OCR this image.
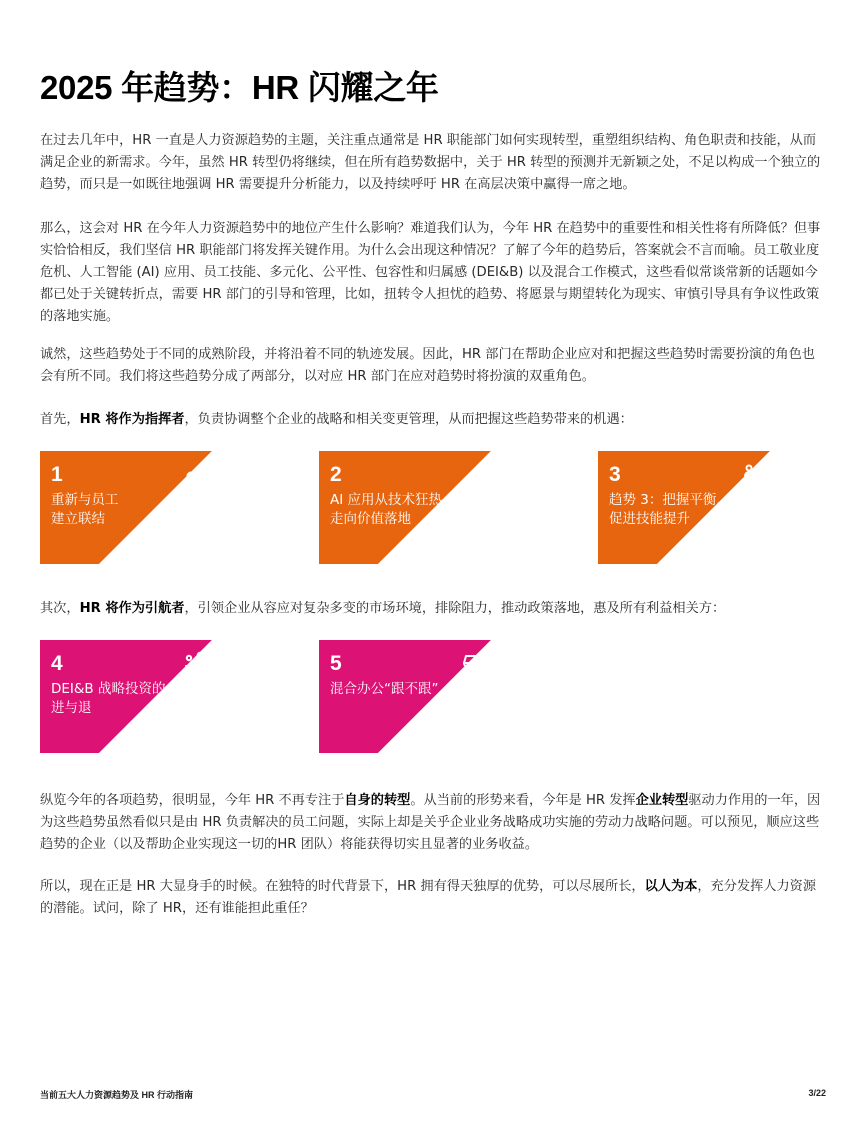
2025 年趋势：HR 闪耀之年

在过去几年中，HR 一直是人力资源趋势的主题，关注重点通常是 HR 职能部门如何实现转型，重塑组织结构、角色职责和技能，从而满足企业的新需求。今年，虽然 HR 转型仍将继续，但在所有趋势数据中，关于 HR 转型的预测并无新颖之处，不足以构成一个独立的趋势，而只是一如既往地强调 HR 需要提升分析能力，以及持续呼吁 HR 在高层决策中赢得一席之地。

那么，这会对 HR 在今年人力资源趋势中的地位产生什么影响？难道我们认为，今年 HR 在趋势中的重要性和相关性将有所降低？但事实恰恰相反，我们坚信 HR 职能部门将发挥关键作用。为什么会出现这种情况？了解了今年的趋势后，答案就会不言而喻。员工敬业度危机、人工智能 (AI) 应用、员工技能、多元化、公平性、包容性和归属感 (DEI&B) 以及混合工作模式，这些看似常谈常新的话题如今都已处于关键转折点，需要 HR 部门的引导和管理，比如，扭转令人担忧的趋势、将愿景与期望转化为现实、审慎引导具有争议性政策的落地实施。

诚然，这些趋势处于不同的成熟阶段，并将沿着不同的轨迹发展。因此，HR 部门在帮助企业应对和把握这些趋势时需要扮演的角色也会有所不同。我们将这些趋势分成了两部分，以对应 HR 部门在应对趋势时将扮演的双重角色。

首先，HR 将作为指挥者，负责协调整个企业的战略和相关变更管理，从而把握这些趋势带来的机遇：

1
重新与员工
建立联结
2
AI 应用从技术狂热
走向价值落地
3
趋势 3：把握平衡，
促进技能提升

其次，HR 将作为引航者，引领企业从容应对复杂多变的市场环境，排除阻力，推动政策落地，惠及所有利益相关方：

4
DEI&B 战略投资的
进与退
5
混合办公“跟不跟”

纵览今年的各项趋势，很明显，今年 HR 不再专注于自身的转型。从当前的形势来看，今年是 HR 发挥企业转型驱动力作用的一年，因为这些趋势虽然看似只是由 HR 负责解决的员工问题，实际上却是关乎企业业务战略成功实施的劳动力战略问题。可以预见，顺应这些趋势的企业（以及帮助企业实现这一切的HR 团队）将能获得切实且显著的业务收益。

所以，现在正是 HR 大显身手的时候。在独特的时代背景下，HR 拥有得天独厚的优势，可以尽展所长，以人为本，充分发挥人力资源的潜能。试问，除了 HR，还有谁能担此重任？

当前五大人力资源趋势及 HR 行动指南	3/22
